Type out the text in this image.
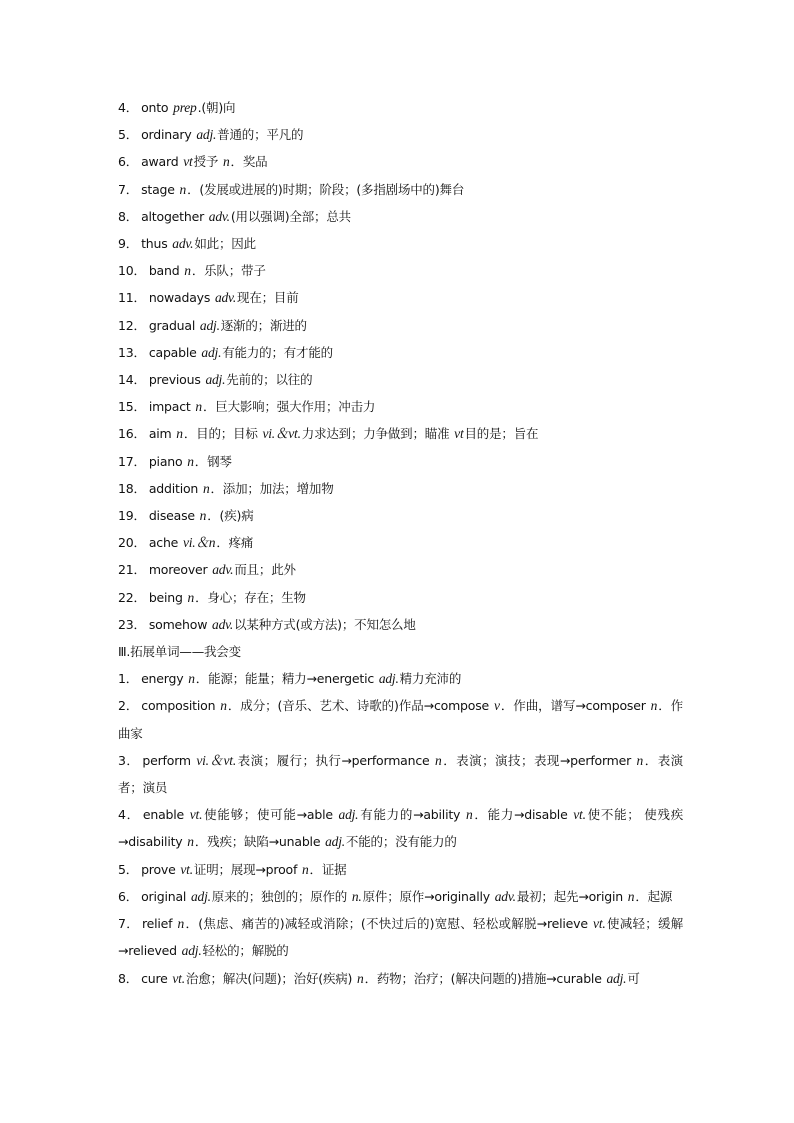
4． onto prep.(朝)向

5． ordinary adj.普通的；平凡的

6． award vt授予 n．奖品

7． stage n．(发展或进展的)时期；阶段；(多指剧场中的)舞台

8． altogether adv.(用以强调)全部；总共

9． thus adv.如此；因此

10． band n．乐队；带子

11． nowadays adv.现在；目前

12． gradual adj.逐渐的；渐进的

13． capable adj.有能力的；有才能的

14． previous adj.先前的；以往的

15． impact n．巨大影响；强大作用；冲击力

16． aim n．目的；目标 vi.＆vt.力求达到；力争做到；瞄准 vt目的是；旨在

17． piano n．钢琴

18． addition n．添加；加法；增加物

19． disease n．(疾)病

20． ache vi.＆n．疼痛

21． moreover adv.而且；此外

22． being n．身心；存在；生物

23． somehow adv.以某种方式(或方法)；不知怎么地

Ⅲ.拓展单词——我会变

1． energy n．能源；能量；精力→energetic adj.精力充沛的

2． composition n．成分；(音乐、艺术、诗歌的)作品→compose v．作曲，谱写→composer n．作曲家

3． perform vi.＆vt.表演；履行；执行→performance n．表演；演技；表现→performer n．表演者；演员

4． enable vt.使能够；使可能→able adj.有能力的→ability n．能力→disable vt.使不能； 使残疾→disability n．残疾；缺陷→unable adj.不能的；没有能力的

5． prove vt.证明；展现→proof n．证据

6． original adj.原来的；独创的；原作的 n.原件；原作→originally adv.最初；起先→origin n．起源

7． relief n．(焦虑、痛苦的)减轻或消除；(不快过后的)宽慰、轻松或解脱→relieve vt.使减轻；缓解→relieved adj.轻松的；解脱的

8． cure vt.治愈；解决(问题)；治好(疾病) n．药物；治疗；(解决问题的)措施→curable adj.可
